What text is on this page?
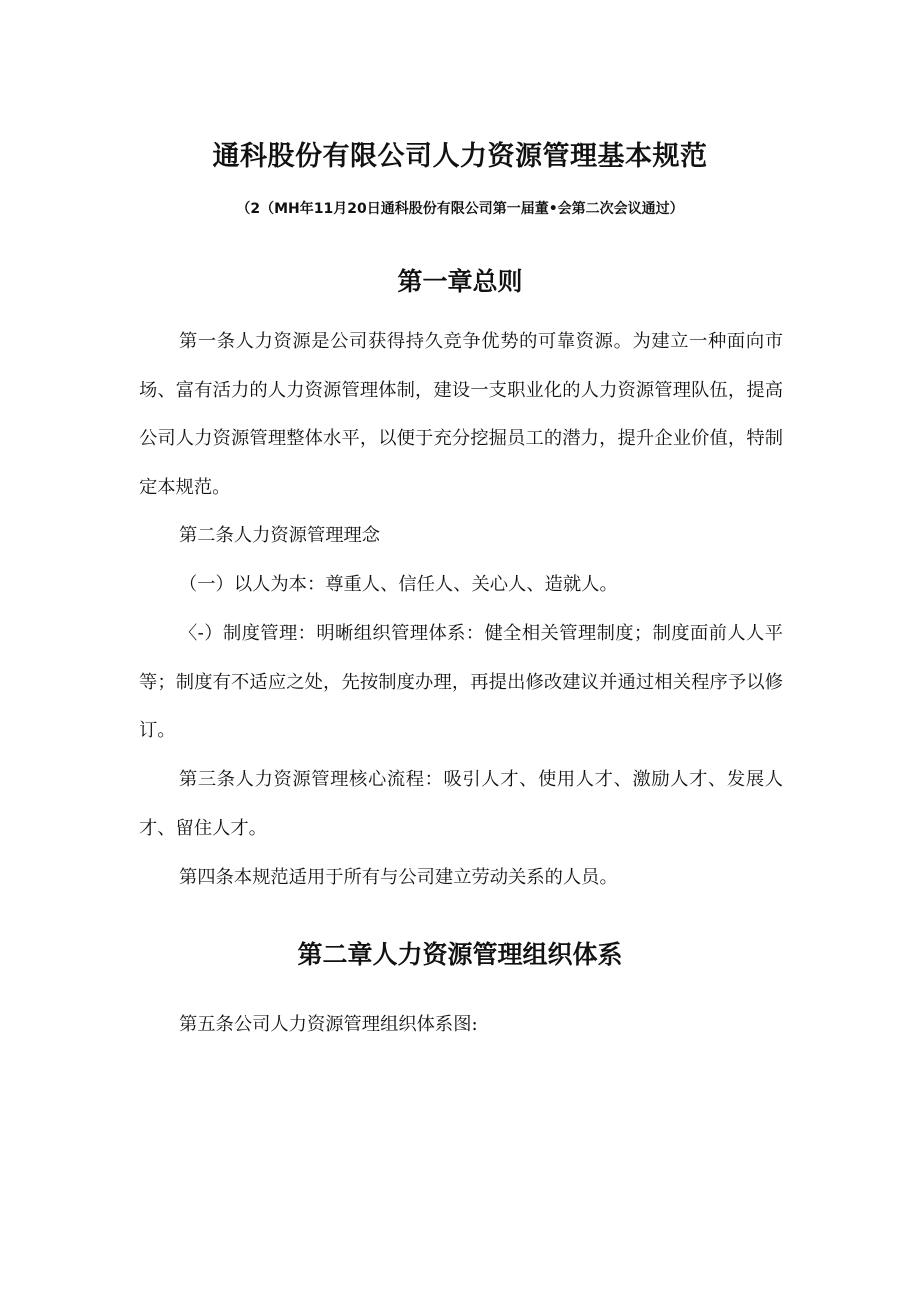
通科股份有限公司人力资源管理基本规范
（2（MH年11月20日通科股份有限公司第一届董•会第二次会议通过）
第一章总则

第一条人力资源是公司获得持久竞争优势的可靠资源。为建立一种面向市场、富有活力的人力资源管理体制，建设一支职业化的人力资源管理队伍，提高公司人力资源管理整体水平，以便于充分挖掘员工的潜力，提升企业价值，特制定本规范。

第二条人力资源管理理念

（一）以人为本：尊重人、信任人、关心人、造就人。

〈-）制度管理：明晰组织管理体系：健全相关管理制度；制度面前人人平等；制度有不适应之处，先按制度办理，再提出修改建议并通过相关程序予以修订。

第三条人力资源管理核心流程：吸引人才、使用人才、激励人才、发展人才、留住人才。

第四条本规范适用于所有与公司建立劳动关系的人员。

第二章人力资源管理组织体系

第五条公司人力资源管理组织体系图:
